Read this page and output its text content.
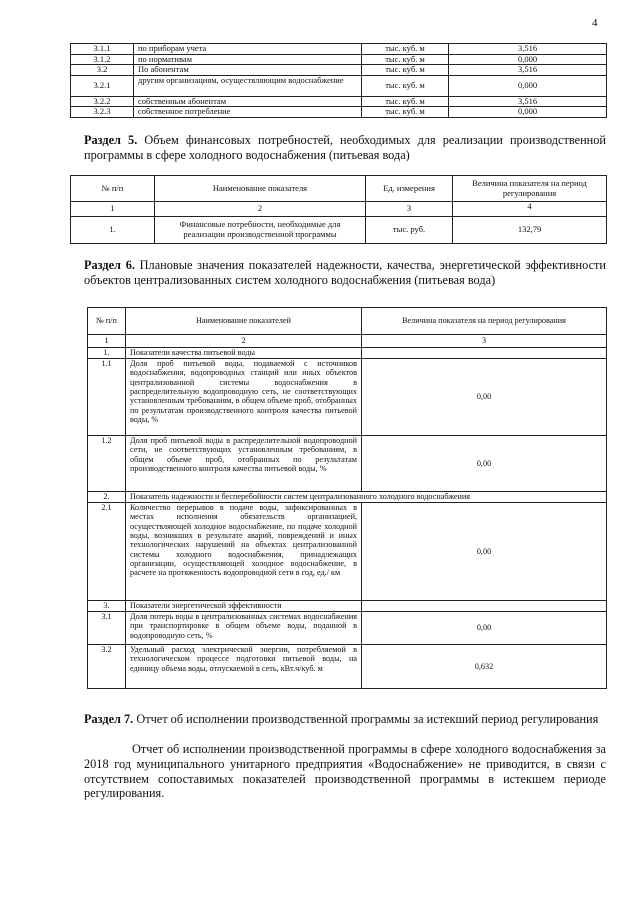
4
3.1.1	по приборам учета	тыс. куб. м	3,516
3.1.2	по нормативам	тыс. куб. м	0,000
3.2	По абонентам	тыс. куб. м	3,516
3.2.1	другим организациям, осуществляющим водоснабжение	тыс. куб. м	0,000
3.2.2	собственным абонентам	тыс. куб. м	3,516
3.2.3	собственное потребление	тыс. куб. м	0,000

Раздел 5. Объем финансовых потребностей, необходимых для реализации производственной программы в сфере холодного водоснабжения (питьевая вода)

№ п/п	Наименование показателя	Ед. измерения	Величина показателя на период регулирования
1	2	3	4
1.	Финансовые потребности, необходимые для реализации производственной программы	тыс. руб.	132,79

Раздел 6. Плановые значения показателей надежности, качества, энергетической эффективности объектов централизованных систем холодного водоснабжения (питьевая вода)

№ п/п	Наименование показателей	Величина показателя на период регулирования
1	2	3
1.	Показатели качества питьевой воды	
1.1	Доля проб питьевой воды, подаваемой с источников водоснабжения, водопроводных станций или иных объектов централизованной системы водоснабжения в распределительную водопроводную сеть, не соответствующих установленным требованиям, в общем объеме проб, отобранных по результатам производственного контроля качества питьевой воды, %	0,00
1.2	Доля проб питьевой воды в распределительной водопроводной сети, не соответствующих установленным требованиям, в общем объеме проб, отобранных по результатам производственного контроля качества питьевой воды, %	0,00
2.	Показатель надежности и бесперебойности систем централизованного холодного водоснабжения	
2.1	Количество перерывов в подаче воды, зафиксированных в местах исполнения обязательств организацией, осуществляющей холодное водоснабжение, по подаче холодной воды, возникших в результате аварий, повреждений и иных технологических нарушений на объектах централизованной системы холодного водоснабжения, принадлежащих организации, осуществляющей холодное водоснабжение, в расчете на протяженность водопроводной сети в год, ед./ км	0,00
3.	Показатели энергетической эффективности	
3.1	Доля потерь воды в централизованных системах водоснабжения при транспортировке в общем объеме воды, поданной в водопроводную сеть, %	0,00
3.2	Удельный расход электрической энергии, потребляемой в технологическом процессе подготовки питьевой воды, на единицу объема воды, отпускаемой в сеть, кВт.ч/куб. м	0,632

Раздел 7. Отчет об исполнении производственной программы за истекший период регулирования

Отчет об исполнении производственной программы в сфере холодного водоснабжения за 2018 год муниципального унитарного предприятия «Водоснабжение» не приводится, в связи с отсутствием сопоставимых показателей производственной программы в истекшем периоде регулирования.
